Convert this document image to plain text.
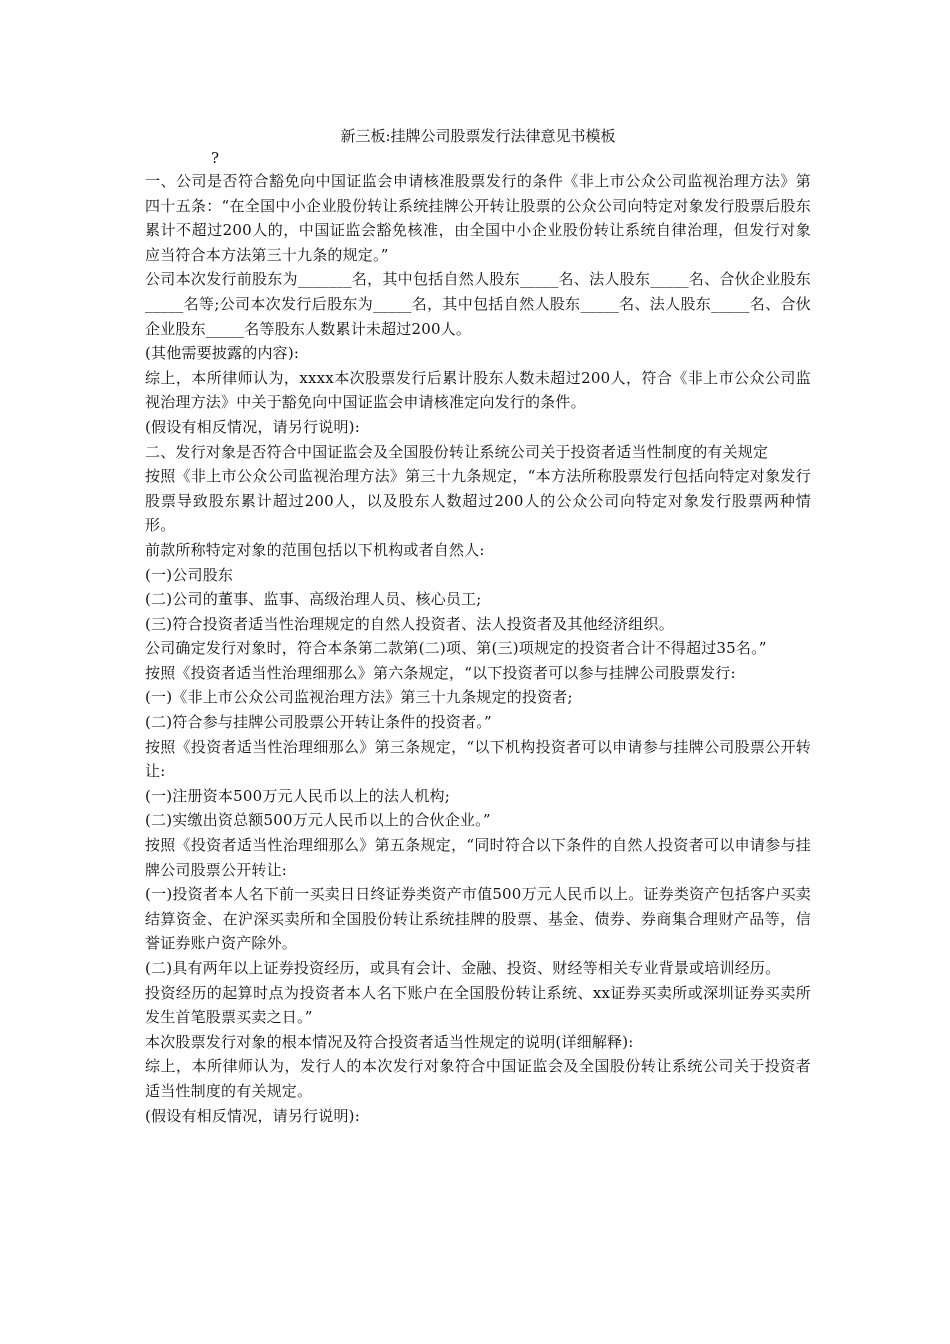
新三板:挂牌公司股票发行法律意见书模板

?

一、公司是否符合豁免向中国证监会申请核准股票发行的条件《非上市公众公司监视治理方法》第四十五条：“在全国中小企业股份转让系统挂牌公开转让股票的公众公司向特定对象发行股票后股东累计不超过200人的，中国证监会豁免核准，由全国中小企业股份转让系统自律治理，但发行对象应当符合本方法第三十九条的规定。”

公司本次发行前股东为_______名，其中包括自然人股东_____名、法人股东_____名、合伙企业股东_____名等;公司本次发行后股东为_____名，其中包括自然人股东_____名、法人股东_____名、合伙企业股东_____名等股东人数累计未超过200人。

(其他需要披露的内容):

综上，本所律师认为，xxxx本次股票发行后累计股东人数未超过200人，符合《非上市公众公司监视治理方法》中关于豁免向中国证监会申请核准定向发行的条件。

(假设有相反情况，请另行说明):

二、发行对象是否符合中国证监会及全国股份转让系统公司关于投资者适当性制度的有关规定

按照《非上市公众公司监视治理方法》第三十九条规定，“本方法所称股票发行包括向特定对象发行股票导致股东累计超过200人，以及股东人数超过200人的公众公司向特定对象发行股票两种情形。

前款所称特定对象的范围包括以下机构或者自然人:

(一)公司股东

(二)公司的董事、监事、高级治理人员、核心员工;

(三)符合投资者适当性治理规定的自然人投资者、法人投资者及其他经济组织。

公司确定发行对象时，符合本条第二款第(二)项、第(三)项规定的投资者合计不得超过35名。”

按照《投资者适当性治理细那么》第六条规定，“以下投资者可以参与挂牌公司股票发行:

(一)《非上市公众公司监视治理方法》第三十九条规定的投资者;

(二)符合参与挂牌公司股票公开转让条件的投资者。”

按照《投资者适当性治理细那么》第三条规定，“以下机构投资者可以申请参与挂牌公司股票公开转让:

(一)注册资本500万元人民币以上的法人机构;

(二)实缴出资总额500万元人民币以上的合伙企业。”

按照《投资者适当性治理细那么》第五条规定，“同时符合以下条件的自然人投资者可以申请参与挂牌公司股票公开转让:

(一)投资者本人名下前一买卖日日终证券类资产市值500万元人民币以上。证券类资产包括客户买卖结算资金、在沪深买卖所和全国股份转让系统挂牌的股票、基金、债券、券商集合理财产品等，信誉证券账户资产除外。

(二)具有两年以上证券投资经历，或具有会计、金融、投资、财经等相关专业背景或培训经历。

投资经历的起算时点为投资者本人名下账户在全国股份转让系统、xx证券买卖所或深圳证券买卖所发生首笔股票买卖之日。”

本次股票发行对象的根本情况及符合投资者适当性规定的说明(详细解释):

综上，本所律师认为，发行人的本次发行对象符合中国证监会及全国股份转让系统公司关于投资者适当性制度的有关规定。

(假设有相反情况，请另行说明):
